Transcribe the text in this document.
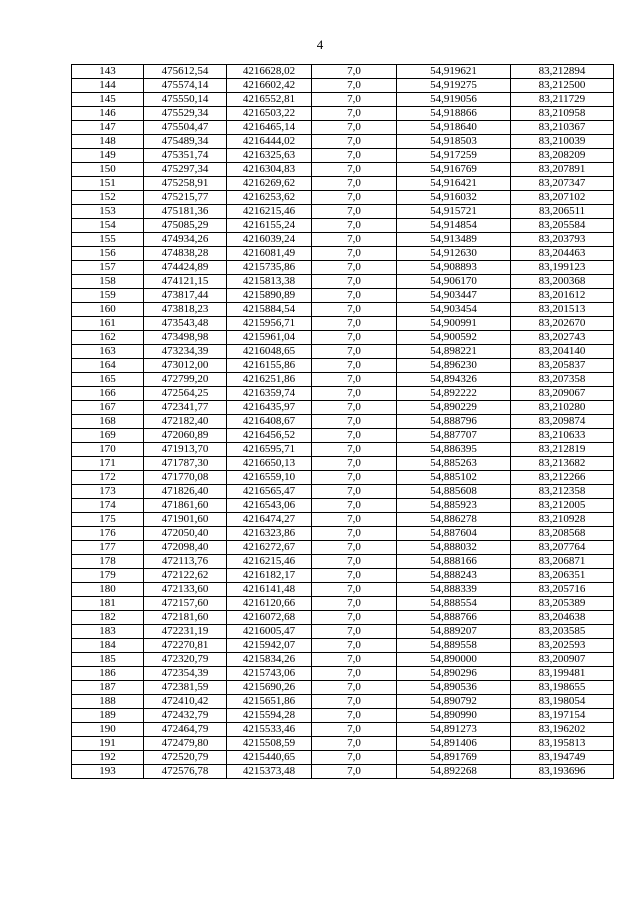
4
143	475612,54	4216628,02	7,0	54,919621	83,212894
144	475574,14	4216602,42	7,0	54,919275	83,212500
145	475550,14	4216552,81	7,0	54,919056	83,211729
146	475529,34	4216503,22	7,0	54,918866	83,210958
147	475504,47	4216465,14	7,0	54,918640	83,210367
148	475489,34	4216444,02	7,0	54,918503	83,210039
149	475351,74	4216325,63	7,0	54,917259	83,208209
150	475297,34	4216304,83	7,0	54,916769	83,207891
151	475258,91	4216269,62	7,0	54,916421	83,207347
152	475215,77	4216253,62	7,0	54,916032	83,207102
153	475181,36	4216215,46	7,0	54,915721	83,206511
154	475085,29	4216155,24	7,0	54,914854	83,205584
155	474934,26	4216039,24	7,0	54,913489	83,203793
156	474838,28	4216081,49	7,0	54,912630	83,204463
157	474424,89	4215735,86	7,0	54,908893	83,199123
158	474121,15	4215813,38	7,0	54,906170	83,200368
159	473817,44	4215890,89	7,0	54,903447	83,201612
160	473818,23	4215884,54	7,0	54,903454	83,201513
161	473543,48	4215956,71	7,0	54,900991	83,202670
162	473498,98	4215961,04	7,0	54,900592	83,202743
163	473234,39	4216048,65	7,0	54,898221	83,204140
164	473012,00	4216155,86	7,0	54,896230	83,205837
165	472799,20	4216251,86	7,0	54,894326	83,207358
166	472564,25	4216359,74	7,0	54,892222	83,209067
167	472341,77	4216435,97	7,0	54,890229	83,210280
168	472182,40	4216408,67	7,0	54,888796	83,209874
169	472060,89	4216456,52	7,0	54,887707	83,210633
170	471913,70	4216595,71	7,0	54,886395	83,212819
171	471787,30	4216650,13	7,0	54,885263	83,213682
172	471770,08	4216559,10	7,0	54,885102	83,212266
173	471826,40	4216565,47	7,0	54,885608	83,212358
174	471861,60	4216543,06	7,0	54,885923	83,212005
175	471901,60	4216474,27	7,0	54,886278	83,210928
176	472050,40	4216323,86	7,0	54,887604	83,208568
177	472098,40	4216272,67	7,0	54,888032	83,207764
178	472113,76	4216215,46	7,0	54,888166	83,206871
179	472122,62	4216182,17	7,0	54,888243	83,206351
180	472133,60	4216141,48	7,0	54,888339	83,205716
181	472157,60	4216120,66	7,0	54,888554	83,205389
182	472181,60	4216072,68	7,0	54,888766	83,204638
183	472231,19	4216005,47	7,0	54,889207	83,203585
184	472270,81	4215942,07	7,0	54,889558	83,202593
185	472320,79	4215834,26	7,0	54,890000	83,200907
186	472354,39	4215743,06	7,0	54,890296	83,199481
187	472381,59	4215690,26	7,0	54,890536	83,198655
188	472410,42	4215651,86	7,0	54,890792	83,198054
189	472432,79	4215594,28	7,0	54,890990	83,197154
190	472464,79	4215533,46	7,0	54,891273	83,196202
191	472479,80	4215508,59	7,0	54,891406	83,195813
192	472520,79	4215440,65	7,0	54,891769	83,194749
193	472576,78	4215373,48	7,0	54,892268	83,193696
